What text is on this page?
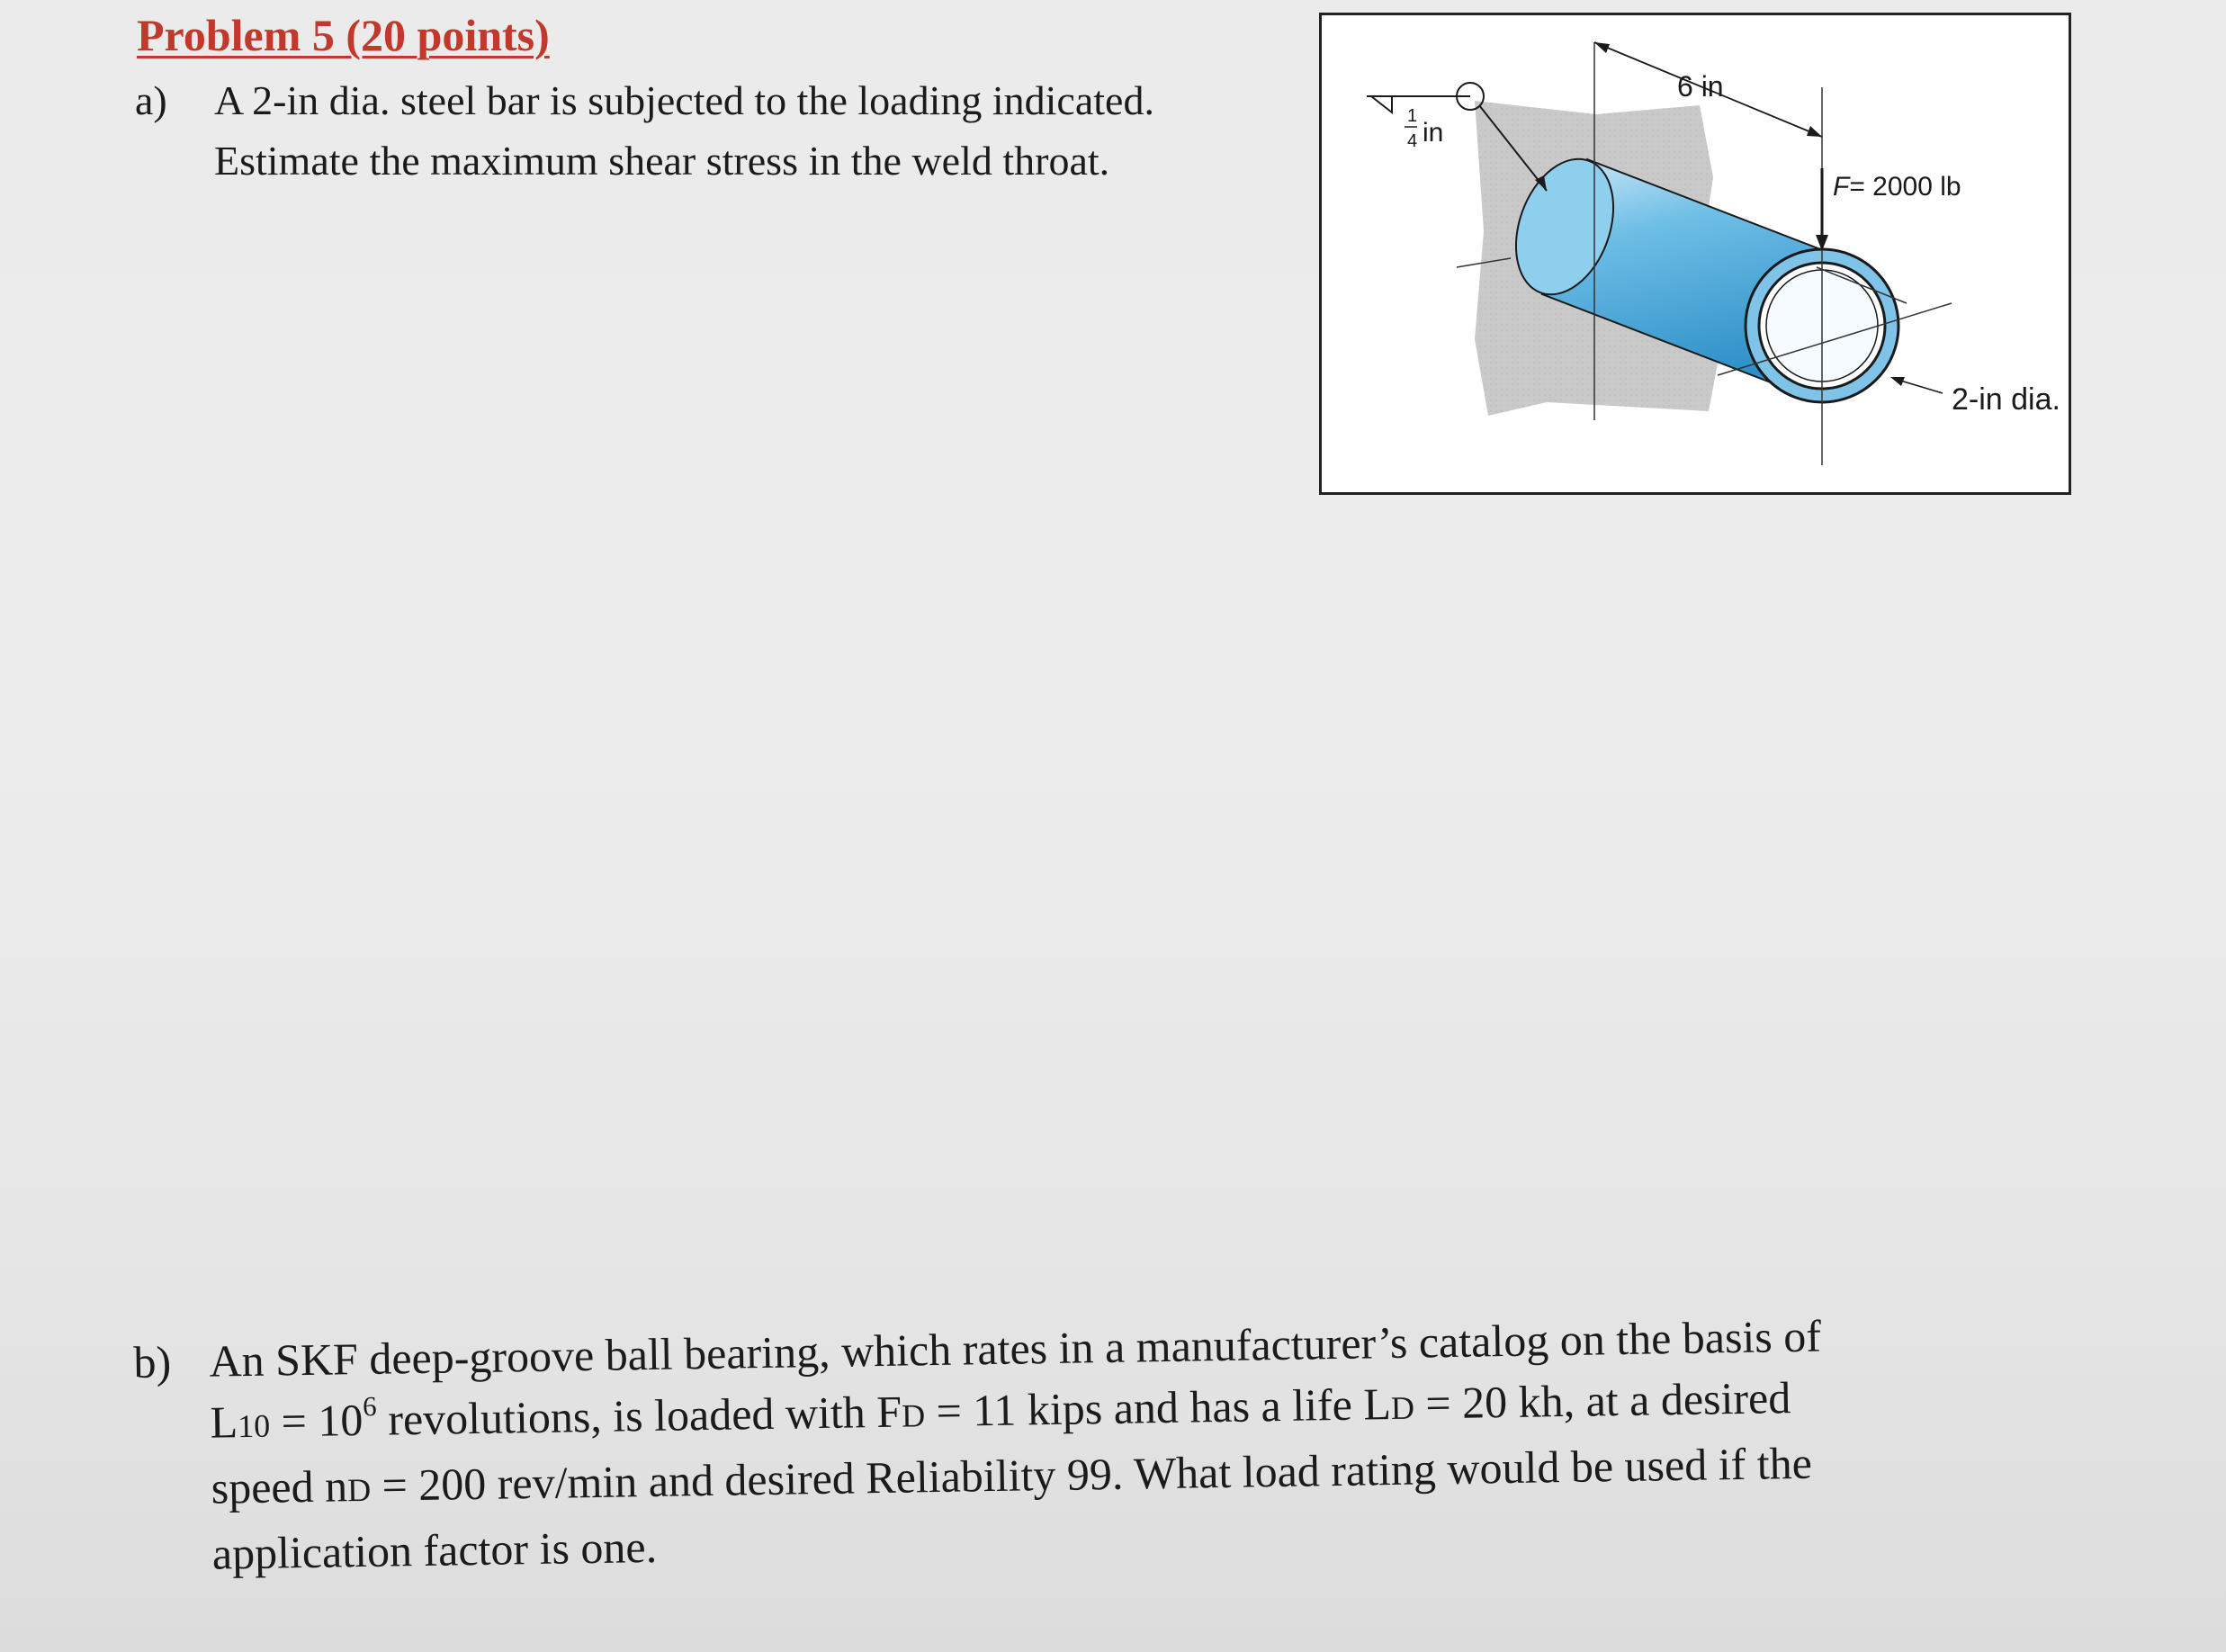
Problem 5 (20 points)
a) A 2-in dia. steel bar is subjected to the loading indicated.
Estimate the maximum shear stress in the weld throat.
1
4 in
6 in
F= 2000 lb
2-in dia.
b) An SKF deep-groove ball bearing, which rates in a manufacturer’s catalog on the basis of
$L10 = 10^6$ revolutions, is loaded with FD = 11 kips and has a life LD = 20 kh, at a desired
speed nD = 200 rev/min and desired Reliability 99. What load rating would be used if the
application factor is one.
